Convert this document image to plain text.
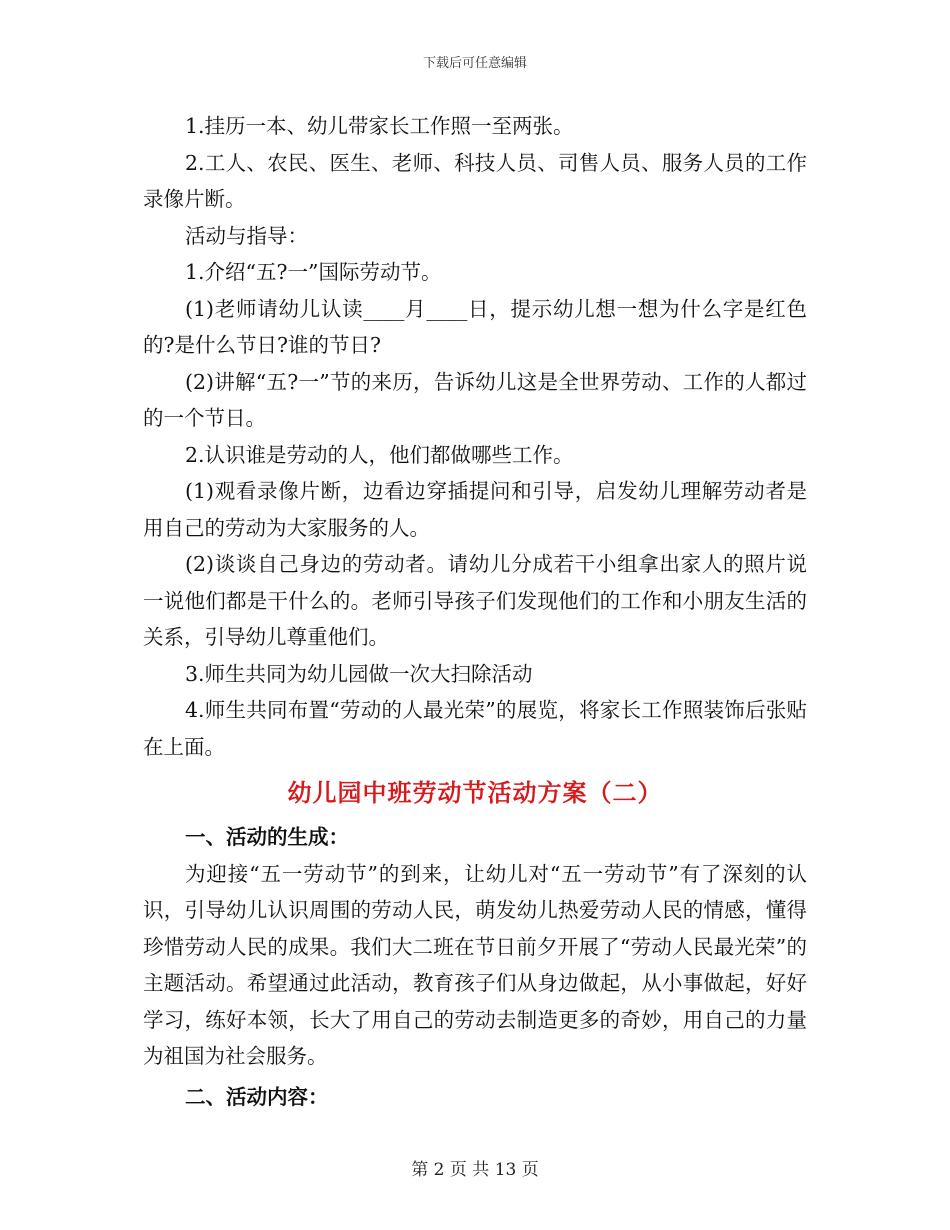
下载后可任意编辑

1.挂历一本、幼儿带家长工作照一至两张。

2.工人、农民、医生、老师、科技人员、司售人员、服务人员的工作录像片断。

活动与指导：

1.介绍“五?一”国际劳动节。

(1)老师请幼儿认读____月____日，提示幼儿想一想为什么字是红色的?是什么节日?谁的节日?

(2)讲解“五?一”节的来历，告诉幼儿这是全世界劳动、工作的人都过的一个节日。

2.认识谁是劳动的人，他们都做哪些工作。

(1)观看录像片断，边看边穿插提问和引导，启发幼儿理解劳动者是用自己的劳动为大家服务的人。

(2)谈谈自己身边的劳动者。请幼儿分成若干小组拿出家人的照片说一说他们都是干什么的。老师引导孩子们发现他们的工作和小朋友生活的关系，引导幼儿尊重他们。

3.师生共同为幼儿园做一次大扫除活动

4.师生共同布置“劳动的人最光荣”的展览，将家长工作照装饰后张贴在上面。

幼儿园中班劳动节活动方案（二）

一、活动的生成：

为迎接“五一劳动节”的到来，让幼儿对“五一劳动节”有了深刻的认识，引导幼儿认识周围的劳动人民，萌发幼儿热爱劳动人民的情感，懂得珍惜劳动人民的成果。我们大二班在节日前夕开展了“劳动人民最光荣”的主题活动。希望通过此活动，教育孩子们从身边做起，从小事做起，好好学习，练好本领，长大了用自己的劳动去制造更多的奇妙，用自己的力量为祖国为社会服务。

二、活动内容：

第 2 页 共 13 页
